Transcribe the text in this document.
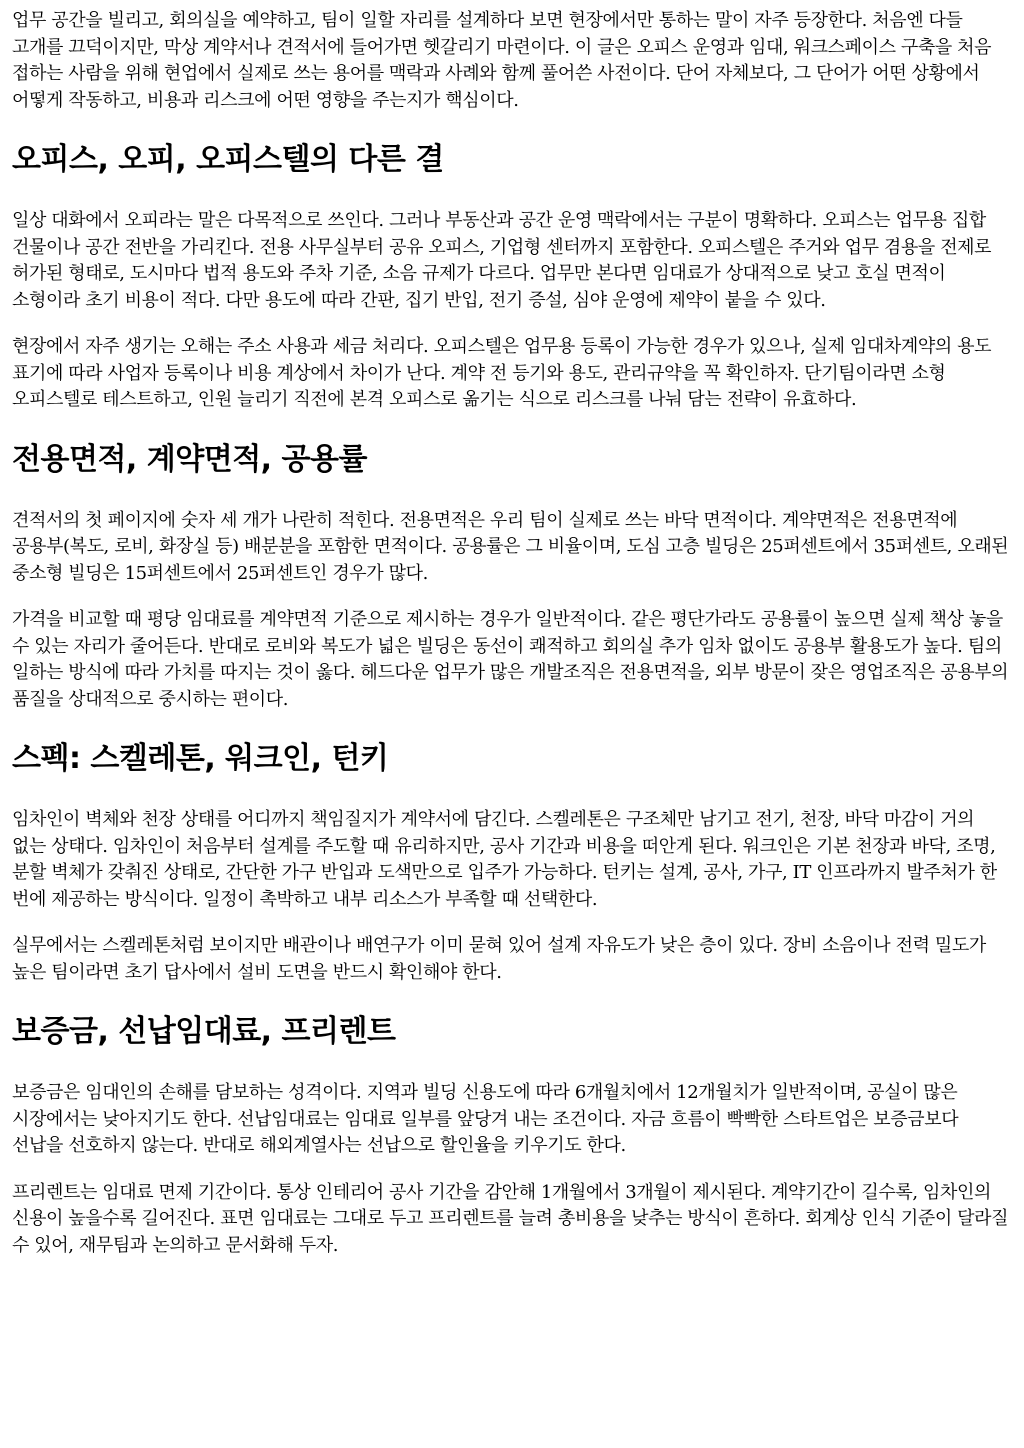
업무 공간을 빌리고, 회의실을 예약하고, 팀이 일할 자리를 설계하다 보면 현장에서만 통하는 말이 자주 등장한다. 처음엔 다들 고개를 끄덕이지만, 막상 계약서나 견적서에 들어가면 헷갈리기 마련이다. 이 글은 오피스 운영과 임대, 워크스페이스 구축을 처음 접하는 사람을 위해 현업에서 실제로 쓰는 용어를 맥락과 사례와 함께 풀어쓴 사전이다. 단어 자체보다, 그 단어가 어떤 상황에서 어떻게 작동하고, 비용과 리스크에 어떤 영향을 주는지가 핵심이다.

오피스, 오피, 오피스텔의 다른 결

일상 대화에서 오피라는 말은 다목적으로 쓰인다. 그러나 부동산과 공간 운영 맥락에서는 구분이 명확하다. 오피스는 업무용 집합 건물이나 공간 전반을 가리킨다. 전용 사무실부터 공유 오피스, 기업형 센터까지 포함한다. 오피스텔은 주거와 업무 겸용을 전제로 허가된 형태로, 도시마다 법적 용도와 주차 기준, 소음 규제가 다르다. 업무만 본다면 임대료가 상대적으로 낮고 호실 면적이 소형이라 초기 비용이 적다. 다만 용도에 따라 간판, 집기 반입, 전기 증설, 심야 운영에 제약이 붙을 수 있다.

현장에서 자주 생기는 오해는 주소 사용과 세금 처리다. 오피스텔은 업무용 등록이 가능한 경우가 있으나, 실제 임대차계약의 용도 표기에 따라 사업자 등록이나 비용 계상에서 차이가 난다. 계약 전 등기와 용도, 관리규약을 꼭 확인하자. 단기팀이라면 소형 오피스텔로 테스트하고, 인원 늘리기 직전에 본격 오피스로 옮기는 식으로 리스크를 나눠 담는 전략이 유효하다.

전용면적, 계약면적, 공용률

견적서의 첫 페이지에 숫자 세 개가 나란히 적힌다. 전용면적은 우리 팀이 실제로 쓰는 바닥 면적이다. 계약면적은 전용면적에 공용부(복도, 로비, 화장실 등) 배분분을 포함한 면적이다. 공용률은 그 비율이며, 도심 고층 빌딩은 25퍼센트에서 35퍼센트, 오래된 중소형 빌딩은 15퍼센트에서 25퍼센트인 경우가 많다.

가격을 비교할 때 평당 임대료를 계약면적 기준으로 제시하는 경우가 일반적이다. 같은 평단가라도 공용률이 높으면 실제 책상 놓을 수 있는 자리가 줄어든다. 반대로 로비와 복도가 넓은 빌딩은 동선이 쾌적하고 회의실 추가 임차 없이도 공용부 활용도가 높다. 팀의 일하는 방식에 따라 가치를 따지는 것이 옳다. 헤드다운 업무가 많은 개발조직은 전용면적을, 외부 방문이 잦은 영업조직은 공용부의 품질을 상대적으로 중시하는 편이다.

스펙: 스켈레톤, 워크인, 턴키

임차인이 벽체와 천장 상태를 어디까지 책임질지가 계약서에 담긴다. 스켈레톤은 구조체만 남기고 전기, 천장, 바닥 마감이 거의 없는 상태다. 임차인이 처음부터 설계를 주도할 때 유리하지만, 공사 기간과 비용을 떠안게 된다. 워크인은 기본 천장과 바닥, 조명, 분할 벽체가 갖춰진 상태로, 간단한 가구 반입과 도색만으로 입주가 가능하다. 턴키는 설계, 공사, 가구, IT 인프라까지 발주처가 한 번에 제공하는 방식이다. 일정이 촉박하고 내부 리소스가 부족할 때 선택한다.

실무에서는 스켈레톤처럼 보이지만 배관이나 배연구가 이미 묻혀 있어 설계 자유도가 낮은 층이 있다. 장비 소음이나 전력 밀도가 높은 팀이라면 초기 답사에서 설비 도면을 반드시 확인해야 한다.

보증금, 선납임대료, 프리렌트

보증금은 임대인의 손해를 담보하는 성격이다. 지역과 빌딩 신용도에 따라 6개월치에서 12개월치가 일반적이며, 공실이 많은 시장에서는 낮아지기도 한다. 선납임대료는 임대료 일부를 앞당겨 내는 조건이다. 자금 흐름이 빡빡한 스타트업은 보증금보다 선납을 선호하지 않는다. 반대로 해외계열사는 선납으로 할인율을 키우기도 한다.

프리렌트는 임대료 면제 기간이다. 통상 인테리어 공사 기간을 감안해 1개월에서 3개월이 제시된다. 계약기간이 길수록, 임차인의 신용이 높을수록 길어진다. 표면 임대료는 그대로 두고 프리렌트를 늘려 총비용을 낮추는 방식이 흔하다. 회계상 인식 기준이 달라질 수 있어, 재무팀과 논의하고 문서화해 두자.
